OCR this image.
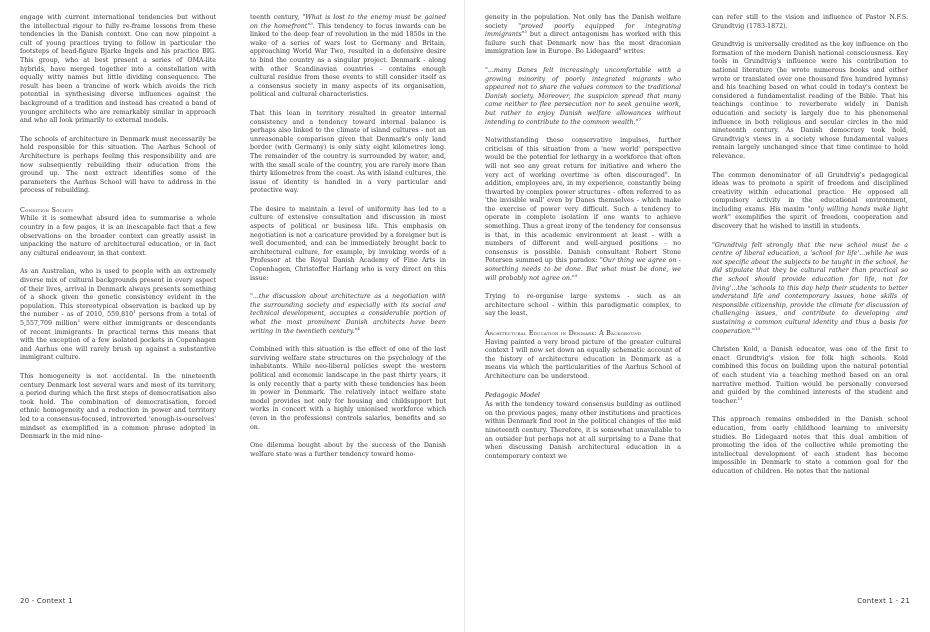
engage with current international tendencies but without the intellectual rigour to fully re-frame lessons from these tendencies in the Danish context. One can now pinpoint a cult of young practices trying to follow in particular the footsteps of head-figure Bjarke Ingels and his practice BIG. This group, who at best present a series of OMA-lite hybrids, have merged together into a constellation with equally witty names but little dividing consequence. The result has been a trancine of work which avoids the rich potential in synthesising diverse influences against the background of a tradition and instead has created a band of younger architects who are remarkably similar in approach and who all look primarily to external models.

The schools of architecture in Denmark must necessarily be held responsible for this situation. The Aarhus School of Architecture is perhaps feeling this responsibility and are now subsequently rebuilding their education from the ground up. The next extract identifies some of the parameters the Aarhus School will have to address in the process of rebuilding.

Condition Society

While it is somewhat absurd idea to summarise a whole country in a few pages, it is an inescapable fact that a few observations on the broader context can greatly assist in unpacking the nature of architectural education, or in fact any cultural endeavour, in that context.

As an Australian, who is used to people with an extremely diverse mix of cultural backgrounds present in every aspect of their lives, arrival in Denmark always presents something of a shock given the genetic consistency evident in the population. This stereotypical observation is backed up by the number - as of 2010, 559,810$^1$ persons from a total of 5,557,709 million$^2$ were either immigrants or descendants of recent immigrants. In practical terms this means that with the exception of a few isolated pockets in Copenhagen and Aarhus one will rarely brush up against a substantive immigrant culture.

This homogeneity is not accidental. In the nineteenth century Denmark lost several wars and most of its territory, a period during which the first steps of democratisation also took hold. The combination of democratisation, forced ethnic homogeneity and a reduction in power and territory led to a consensus-focused, introverted 'enough-is-ourselves' mindset as exemplified in a common phrase adopted in Denmark in the mid nine-

teenth century, "What is lost to the enemy must be gained on the homefront"$^3$. This tendency to focus inwards can be linked to the deep fear of revolution in the mid 1850s in the wake of a series of wars lost to Germany and Britain, approaching World War Two, resulted in a defensive desire to bind the country as a singular project. Denmark - along with other Scandinavian countries - contains enough cultural residue from these events to still consider itself as a consensus society in many aspects of its organisation, political and cultural characteristics.

That this lean in territory resulted in greater internal consistency and a tendency toward internal balance is perhaps also linked to the climate of island cultures - not an unreasonable comparison given that Denmark's only land border (with Germany) is only sixty eight kilometres long. The remainder of the country is surrounded by water, and, with the small scale of the country, you are rarely more than thirty kilometres from the coast. As with island cultures, the issue of identity is handled in a very particular and protective way.

The desire to maintain a level of uniformity has led to a culture of extensive consultation and discussion in most aspects of political or business life. This emphasis on negotiation is not a caricature provided by a foreigner but is well documented, and can be immediately brought back to architectural culture, for example, by invoking words of a Professor at the Royal Danish Academy of Fine Arts in Copenhagen, Christoffer Harlang who is very direct on this issue:

"...the discussion about architecture as a negotiation with the surrounding society and especially with its social and technical development, occupies a considerable portion of what the most prominent Danish architects have been writing in the twentieth century."$^4$

Combined with this situation is the effect of one of the last surviving welfare state structures on the psychology of the inhabitants. While neo-liberal policies swept the western political and economic landscape in the past thirty years, it is only recently that a party with these tendencies has been in power in Denmark. The relatively intact welfare state model provides not only for housing and childsupport but works in concert with a highly unionised workforce which (even in the professions) controls salaries, benefits and so on.

One dilemma bought about by the success of the Danish welfare state was a further tendency toward homo-

20 - Context 1	Context 1 - 21

geneity in the population. Not only has the Danish welfare society "proved poorly equipped for integrating immigrants"$^5$ but a direct antagonism has worked with this failure such that Denmark now has the most draconian immigration law in Europe. Bo Lidegaard$^6$ writes:

"...many Danes felt increasingly uncomfortable with a growing minority of poorly integrated migrants who appeared not to share the values common to the traditional Danish society. Moreover, the suspicion spread that many came neither to flee persecution nor to seek genuine work, but rather to enjoy Danish welfare allowances without intending to contribute to the common wealth."$^7$

Notwithstanding these conservative impulses, further criticism of this situation from a 'new world' perspective would be the potential for lethargy in a workforce that often will not see any great return for initiative and where the very act of working overtime is often discouraged$^8$. In addition, employees are, in my experience, constantly being thwarted by complex power structures - often referred to as 'the invisible wall' even by Danes themselves - which make the exercise of power very difficult. Such a tendency to operate in complete isolation if one wants to achieve something. Thus a great irony of the tendency for consensus is that, in this academic environment at least - with a numbers of different and well-argued positions - no consensus is possible. Danish consultant Robert Stone Petersen summed up this paradox: "Our thing we agree on - something needs to be done. But what must be done, we will probably not agree on."$^9$

Trying to re-organise large systems - such as an architecture school - within this paradigmatic complex, to say the least.

Architectural Education in Denmark: A Background

Having painted a very broad picture of the greater cultural context I will now set down an equally schematic account of the history of architecture education in Denmark as a means via which the particularities of the Aarhus School of Architecture can be understood.

Pedagogic Model

As with the tendency toward consensus building as outlined on the previous pages, many other institutions and practices within Denmark find root in the political changes of the mid nineteenth century. Therefore, it is somewhat unavailable to an outsider but perhaps not at all surprising to a Dane that when discussing Danish architectural education in a contemporary context we

can refer still to the vision and influence of Pastor N.F.S. Grundtvig (1783-1872).

Grundtvig is universally credited as the key influence on the formation of the modern Danish national consciousness. Key tools in Grundtvig's influence were his contribution to national literature (he wrote numerous books and either wrote or translated over one thousand five hundred hymns) and his teaching based on what could in today's context be considered a fundamentalist reading of the Bible. That his teachings continue to reverberate widely in Danish education and society is largely due to his phenomenal influence in both religious and secular circles in the mid nineteenth century. As Danish democracy took hold, Grundtvig's views in a society whose fundamental values remain largely unchanged since that time continue to hold relevance.

The common denominator of all Grundtvig's pedagogical ideas was to promote a spirit of freedom and disciplined creativity within educational practice. He opposed all compulsory activity in the educational environment, including exams. His maxim "only willing hands make light work" exemplifies the spirit of freedom, cooperation and discovery that he wished to instill in students.

"Grundtvig felt strongly that the new school must be a centre of liberal education, a 'school for life'...while he was not specific about the subjects to be taught in the school, he did stipulate that they be cultural rather than practical so the school should provide education for life, not for living'...the 'schools to this day help their students to better understand life and contemporary issues, hone skills of responsible citizenship, provide the climate for discussion of challenging issues, and contribute to developing and sustaining a common cultural identity and thus a basis for cooperation."$^{10}$

Christen Kold, a Danish educator, was one of the first to enact Grundtvig's vision for folk high schools. Kold combined this focus on building upon the natural potential of each student via a teaching method based on an oral narrative method. Tuition would be personally conversed and guided by the combined interests of the student and teacher.$^{11}$

This approach remains embedded in the Danish school education, from early childhood learning to university studies. Bo Lidegaard notes that this dual ambition of promoting the idea of the collective while promoting the intellectual development of each student has become impossible in Denmark to state a common goal for the education of children. He notes that the national
